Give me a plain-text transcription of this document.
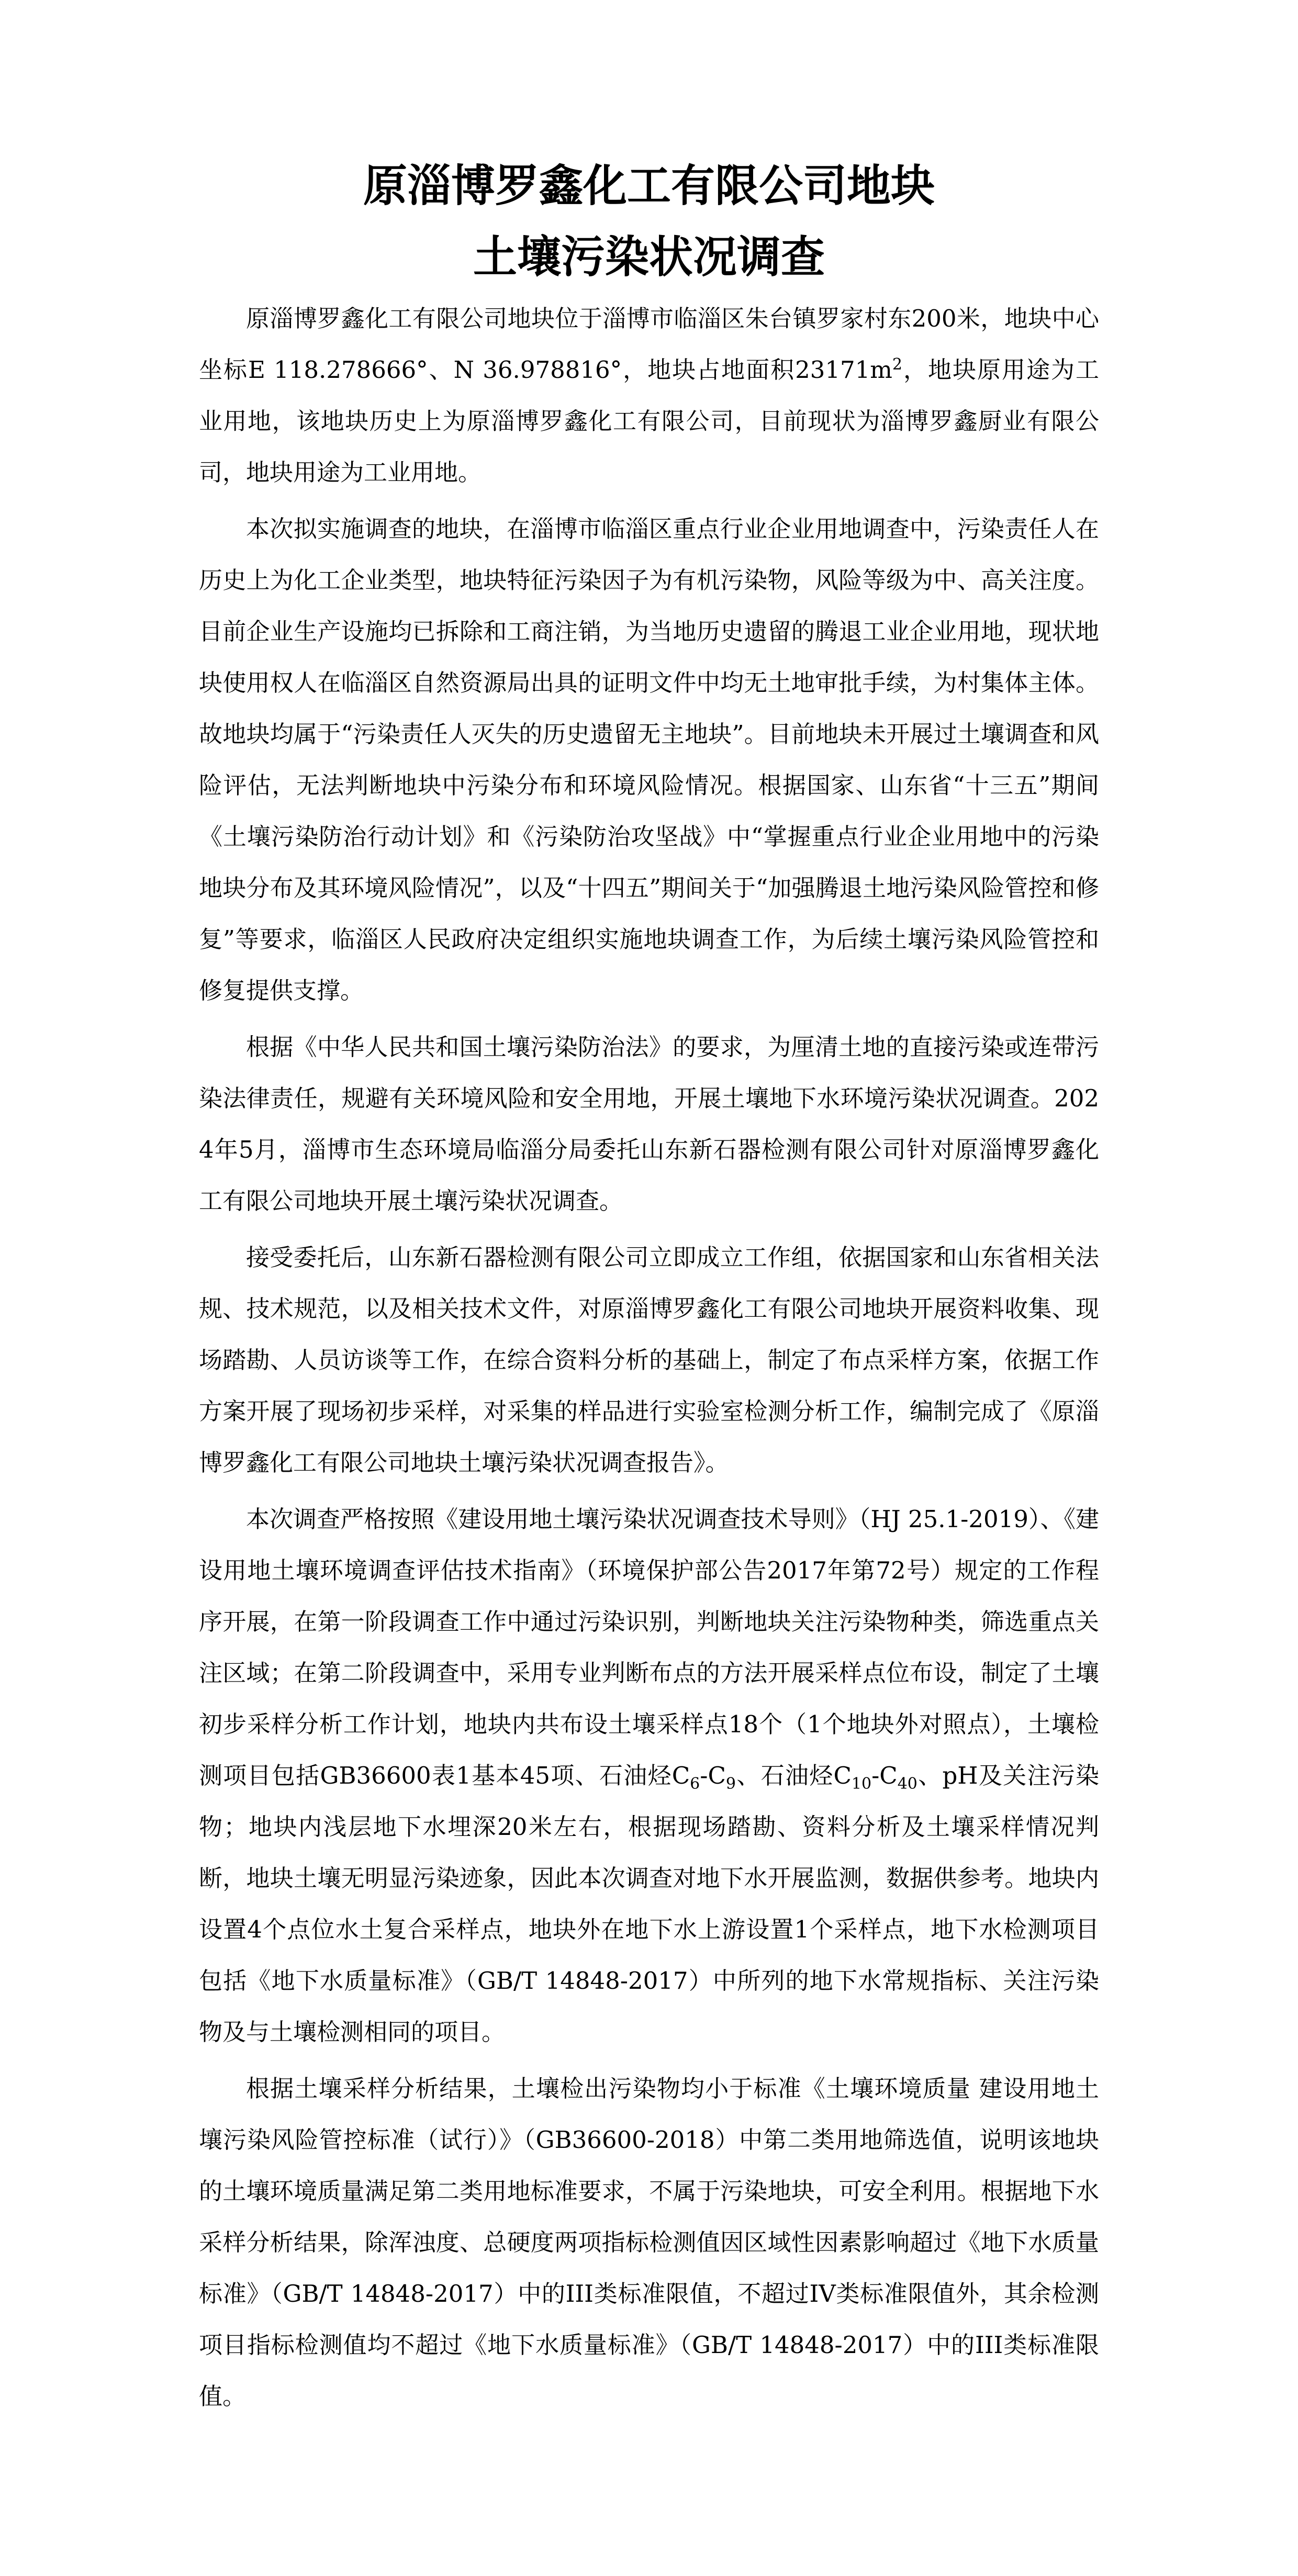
原淄博罗鑫化工有限公司地块
土壤污染状况调查

原淄博罗鑫化工有限公司地块位于淄博市临淄区朱台镇罗家村东200米，地块中心坐标E 118.278666°、N 36.978816°，地块占地面积$23171m^2$，地块原用途为工业用地，该地块历史上为原淄博罗鑫化工有限公司，目前现状为淄博罗鑫厨业有限公司，地块用途为工业用地。

本次拟实施调查的地块，在淄博市临淄区重点行业企业用地调查中，污染责任人在历史上为化工企业类型，地块特征污染因子为有机污染物，风险等级为中、高关注度。目前企业生产设施均已拆除和工商注销，为当地历史遗留的腾退工业企业用地，现状地块使用权人在临淄区自然资源局出具的证明文件中均无土地审批手续，为村集体主体。故地块均属于“污染责任人灭失的历史遗留无主地块”。目前地块未开展过土壤调查和风险评估，无法判断地块中污染分布和环境风险情况。根据国家、山东省“十三五”期间《土壤污染防治行动计划》和《污染防治攻坚战》中“掌握重点行业企业用地中的污染地块分布及其环境风险情况”，以及“十四五”期间关于“加强腾退土地污染风险管控和修复”等要求，临淄区人民政府决定组织实施地块调查工作，为后续土壤污染风险管控和修复提供支撑。

根据《中华人民共和国土壤污染防治法》的要求，为厘清土地的直接污染或连带污染法律责任，规避有关环境风险和安全用地，开展土壤地下水环境污染状况调查。2024年5月，淄博市生态环境局临淄分局委托山东新石器检测有限公司针对原淄博罗鑫化工有限公司地块开展土壤污染状况调查。

接受委托后，山东新石器检测有限公司立即成立工作组，依据国家和山东省相关法规、技术规范，以及相关技术文件，对原淄博罗鑫化工有限公司地块开展资料收集、现场踏勘、人员访谈等工作，在综合资料分析的基础上，制定了布点采样方案，依据工作方案开展了现场初步采样，对采集的样品进行实验室检测分析工作，编制完成了《原淄博罗鑫化工有限公司地块土壤污染状况调查报告》。

本次调查严格按照《建设用地土壤污染状况调查技术导则》（HJ 25.1-2019）、《建设用地土壤环境调查评估技术指南》（环境保护部公告2017年第72号）规定的工作程序开展，在第一阶段调查工作中通过污染识别，判断地块关注污染物种类，筛选重点关注区域；在第二阶段调查中，采用专业判断布点的方法开展采样点位布设，制定了土壤初步采样分析工作计划，地块内共布设土壤采样点18个（1个地块外对照点），土壤检测项目包括GB36600表1基本45项、石油烃$C_6-C_9$、石油烃$C_{10}-C_{40}$、pH及关注污染物；地块内浅层地下水埋深20米左右，根据现场踏勘、资料分析及土壤采样情况判断，地块土壤无明显污染迹象，因此本次调查对地下水开展监测，数据供参考。地块内设置4个点位水土复合采样点，地块外在地下水上游设置1个采样点，地下水检测项目包括《地下水质量标准》（GB/T 14848-2017）中所列的地下水常规指标、关注污染物及与土壤检测相同的项目。

根据土壤采样分析结果，土壤检出污染物均小于标准《土壤环境质量 建设用地土壤污染风险管控标准（试行）》（GB36600-2018）中第二类用地筛选值，说明该地块的土壤环境质量满足第二类用地标准要求，不属于污染地块，可安全利用。根据地下水采样分析结果，除浑浊度、总硬度两项指标检测值因区域性因素影响超过《地下水质量标准》（GB/T 14848-2017）中的III类标准限值，不超过IV类标准限值外，其余检测项目指标检测值均不超过《地下水质量标准》（GB/T 14848-2017）中的III类标准限值。
